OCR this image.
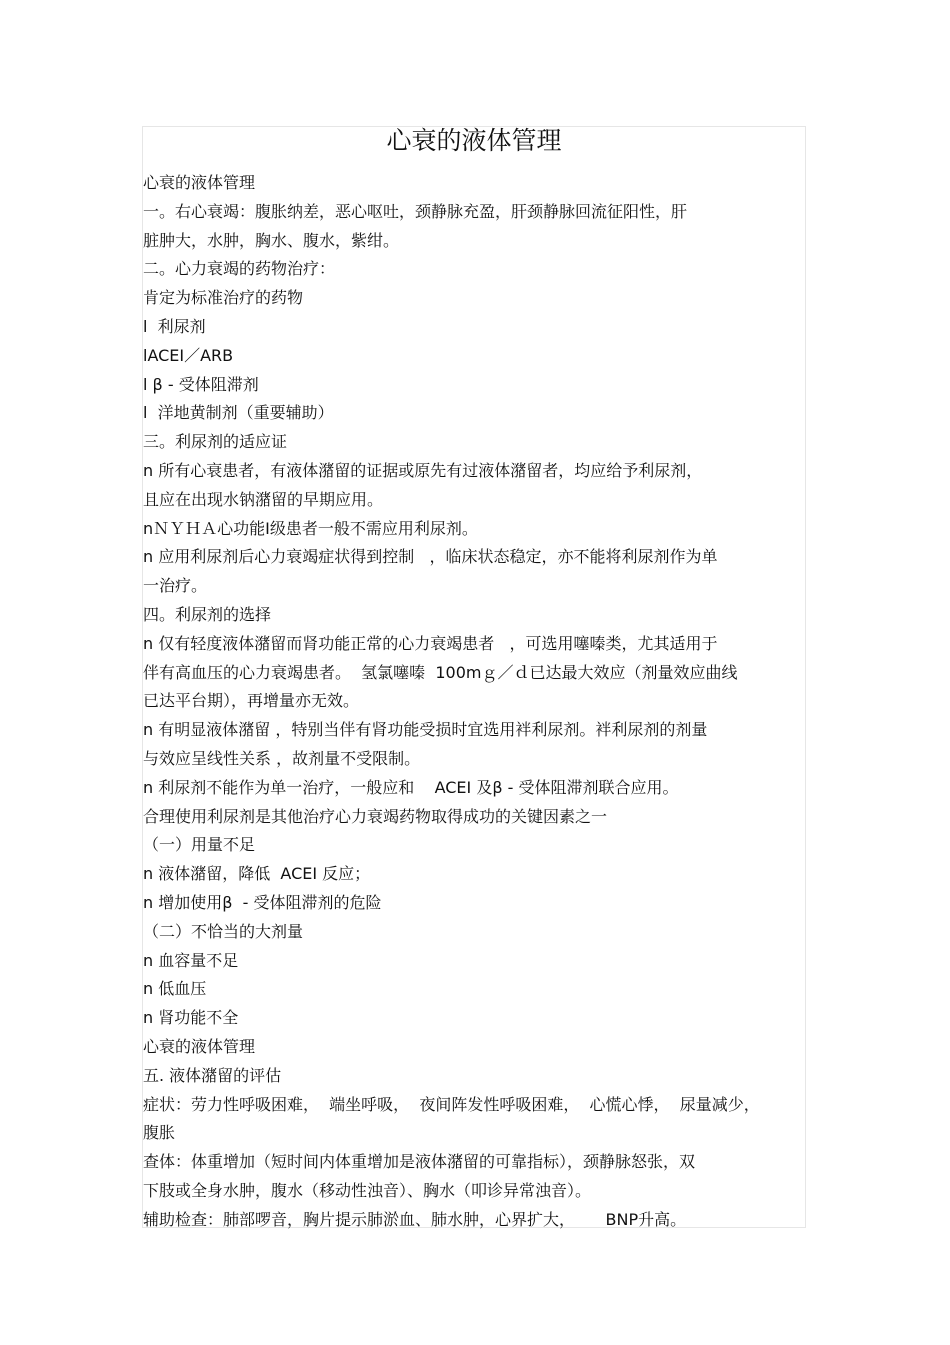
心衰的液体管理
心衰的液体管理
一。右心衰竭：腹胀纳差，恶心呕吐，颈静脉充盈，肝颈静脉回流征阳性，肝
脏肿大，水肿，胸水、腹水，紫绀。
二。心力衰竭的药物治疗：
肯定为标准治疗的药物
l  利尿剂
lACEⅠ／ARB
l β - 受体阻滞剂
l  洋地黄制剂（重要辅助）
三。利尿剂的适应证
n 所有心衰患者，有液体潴留的证据或原先有过液体潴留者，均应给予利尿剂，
且应在出现水钠潴留的早期应用。
nＮＹＨＡ心功能Ⅰ级患者一般不需应用利尿剂。
n 应用利尿剂后心力衰竭症状得到控制   ，临床状态稳定，亦不能将利尿剂作为单
一治疗。
四。利尿剂的选择
n 仅有轻度液体潴留而肾功能正常的心力衰竭患者   ，可选用噻嗪类，尤其适用于
伴有高血压的心力衰竭患者。  氢氯噻嗪  100mｇ／ｄ已达最大效应（剂量效应曲线
已达平台期），再增量亦无效。
n 有明显液体潴留 ，特别当伴有肾功能受损时宜选用袢利尿剂。袢利尿剂的剂量
与效应呈线性关系 ，故剂量不受限制。
n 利尿剂不能作为单一治疗，一般应和    ACEI 及β - 受体阻滞剂联合应用。
合理使用利尿剂是其他治疗心力衰竭药物取得成功的关键因素之一
（一）用量不足
n 液体潴留，降低  ACEI 反应；
n 增加使用β  - 受体阻滞剂的危险
（二）不恰当的大剂量
n 血容量不足
n 低血压
n 肾功能不全
心衰的液体管理
五. 液体潴留的评估
症状：劳力性呼吸困难，  端坐呼吸，  夜间阵发性呼吸困难，  心慌心悸，  尿量减少，
腹胀
查体：体重增加（短时间内体重增加是液体潴留的可靠指标），颈静脉怒张，双
下肢或全身水肿，腹水（移动性浊音）、胸水（叩诊异常浊音）。
辅助检查：肺部啰音，胸片提示肺淤血、肺水肿，心界扩大，      BNP升高。
